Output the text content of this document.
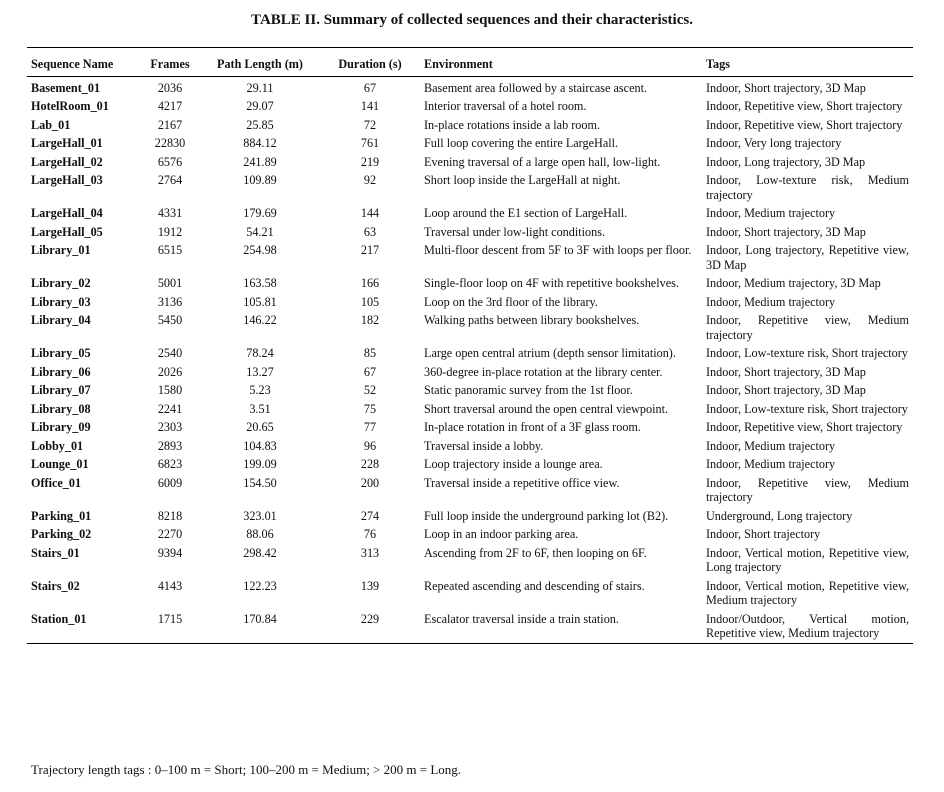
TABLE II. Summary of collected sequences and their characteristics.
Sequence Name	Frames	Path Length (m)	Duration (s)	Environment	Tags
Basement_01	2036	29.11	67	Basement area followed by a staircase ascent.	Indoor, Short trajectory, 3D Map
HotelRoom_01	4217	29.07	141	Interior traversal of a hotel room.	Indoor, Repetitive view, Short trajectory
Lab_01	2167	25.85	72	In-place rotations inside a lab room.	Indoor, Repetitive view, Short trajectory
LargeHall_01	22830	884.12	761	Full loop covering the entire LargeHall.	Indoor, Very long trajectory
LargeHall_02	6576	241.89	219	Evening traversal of a large open hall, low-light.	Indoor, Long trajectory, 3D Map
LargeHall_03	2764	109.89	92	Short loop inside the LargeHall at night.	Indoor, Low-texture risk, Medium trajectory
LargeHall_04	4331	179.69	144	Loop around the E1 section of LargeHall.	Indoor, Medium trajectory
LargeHall_05	1912	54.21	63	Traversal under low-light conditions.	Indoor, Short trajectory, 3D Map
Library_01	6515	254.98	217	Multi-floor descent from 5F to 3F with loops per floor.	Indoor, Long trajectory, Repetitive view, 3D Map
Library_02	5001	163.58	166	Single-floor loop on 4F with repetitive bookshelves.	Indoor, Medium trajectory, 3D Map
Library_03	3136	105.81	105	Loop on the 3rd floor of the library.	Indoor, Medium trajectory
Library_04	5450	146.22	182	Walking paths between library bookshelves.	Indoor, Repetitive view, Medium trajectory
Library_05	2540	78.24	85	Large open central atrium (depth sensor limitation).	Indoor, Low-texture risk, Short trajectory
Library_06	2026	13.27	67	360-degree in-place rotation at the library center.	Indoor, Short trajectory, 3D Map
Library_07	1580	5.23	52	Static panoramic survey from the 1st floor.	Indoor, Short trajectory, 3D Map
Library_08	2241	3.51	75	Short traversal around the open central viewpoint.	Indoor, Low-texture risk, Short trajectory
Library_09	2303	20.65	77	In-place rotation in front of a 3F glass room.	Indoor, Repetitive view, Short trajectory
Lobby_01	2893	104.83	96	Traversal inside a lobby.	Indoor, Medium trajectory
Lounge_01	6823	199.09	228	Loop trajectory inside a lounge area.	Indoor, Medium trajectory
Office_01	6009	154.50	200	Traversal inside a repetitive office view.	Indoor, Repetitive view, Medium trajectory
Parking_01	8218	323.01	274	Full loop inside the underground parking lot (B2).	Underground, Long trajectory
Parking_02	2270	88.06	76	Loop in an indoor parking area.	Indoor, Short trajectory
Stairs_01	9394	298.42	313	Ascending from 2F to 6F, then looping on 6F.	Indoor, Vertical motion, Repetitive view, Long trajectory
Stairs_02	4143	122.23	139	Repeated ascending and descending of stairs.	Indoor, Vertical motion, Repetitive view, Medium trajectory
Station_01	1715	170.84	229	Escalator traversal inside a train station.	Indoor/Outdoor, Vertical motion, Repetitive view, Medium trajectory
Trajectory length tags : 0–100 m = Short; 100–200 m = Medium; > 200 m = Long.
